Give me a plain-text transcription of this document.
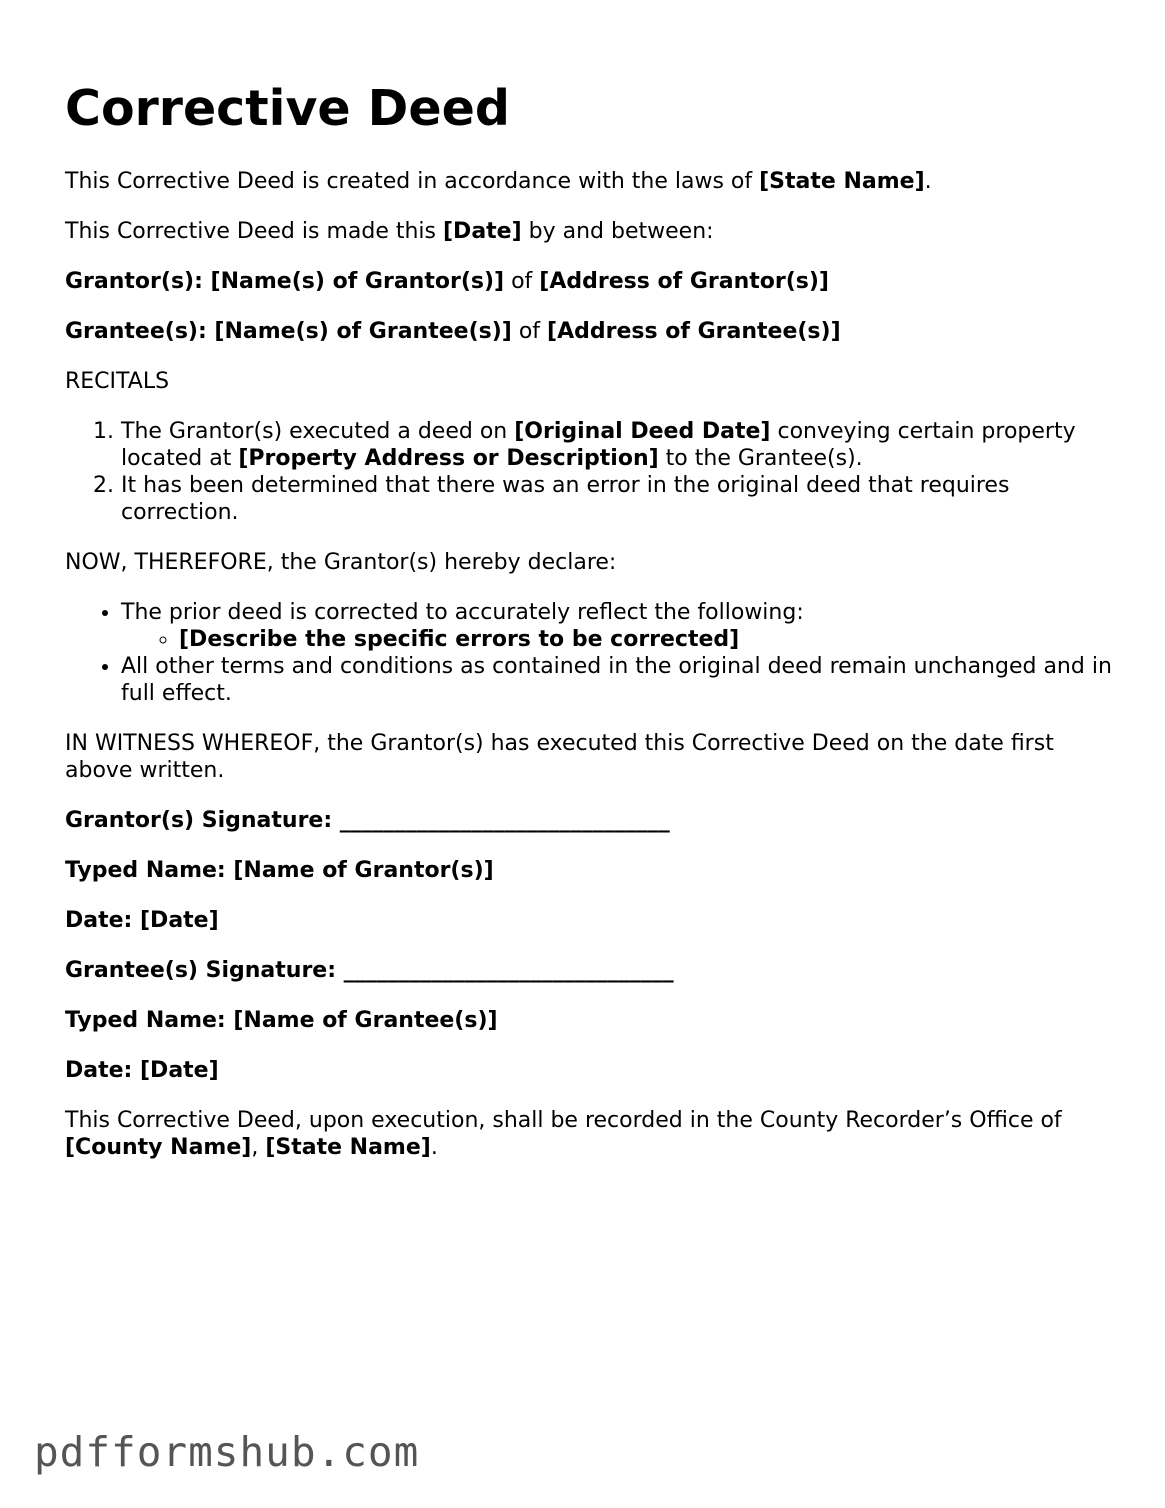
Corrective Deed

This Corrective Deed is created in accordance with the laws of [State Name].

This Corrective Deed is made this [Date] by and between:

Grantor(s): [Name(s) of Grantor(s)] of [Address of Grantor(s)]

Grantee(s): [Name(s) of Grantee(s)] of [Address of Grantee(s)]

RECITALS

1. The Grantor(s) executed a deed on [Original Deed Date] conveying certain property located at [Property Address or Description] to the Grantee(s).
2. It has been determined that there was an error in the original deed that requires correction.

NOW, THEREFORE, the Grantor(s) hereby declare:

• The prior deed is corrected to accurately reflect the following:
◦ [Describe the specific errors to be corrected]
• All other terms and conditions as contained in the original deed remain unchanged and in full effect.

IN WITNESS WHEREOF, the Grantor(s) has executed this Corrective Deed on the date first above written.

Grantor(s) Signature: ______________________________

Typed Name: [Name of Grantor(s)]

Date: [Date]

Grantee(s) Signature: ______________________________

Typed Name: [Name of Grantee(s)]

Date: [Date]

This Corrective Deed, upon execution, shall be recorded in the County Recorder’s Office of [County Name], [State Name].

pdfformshub.com
